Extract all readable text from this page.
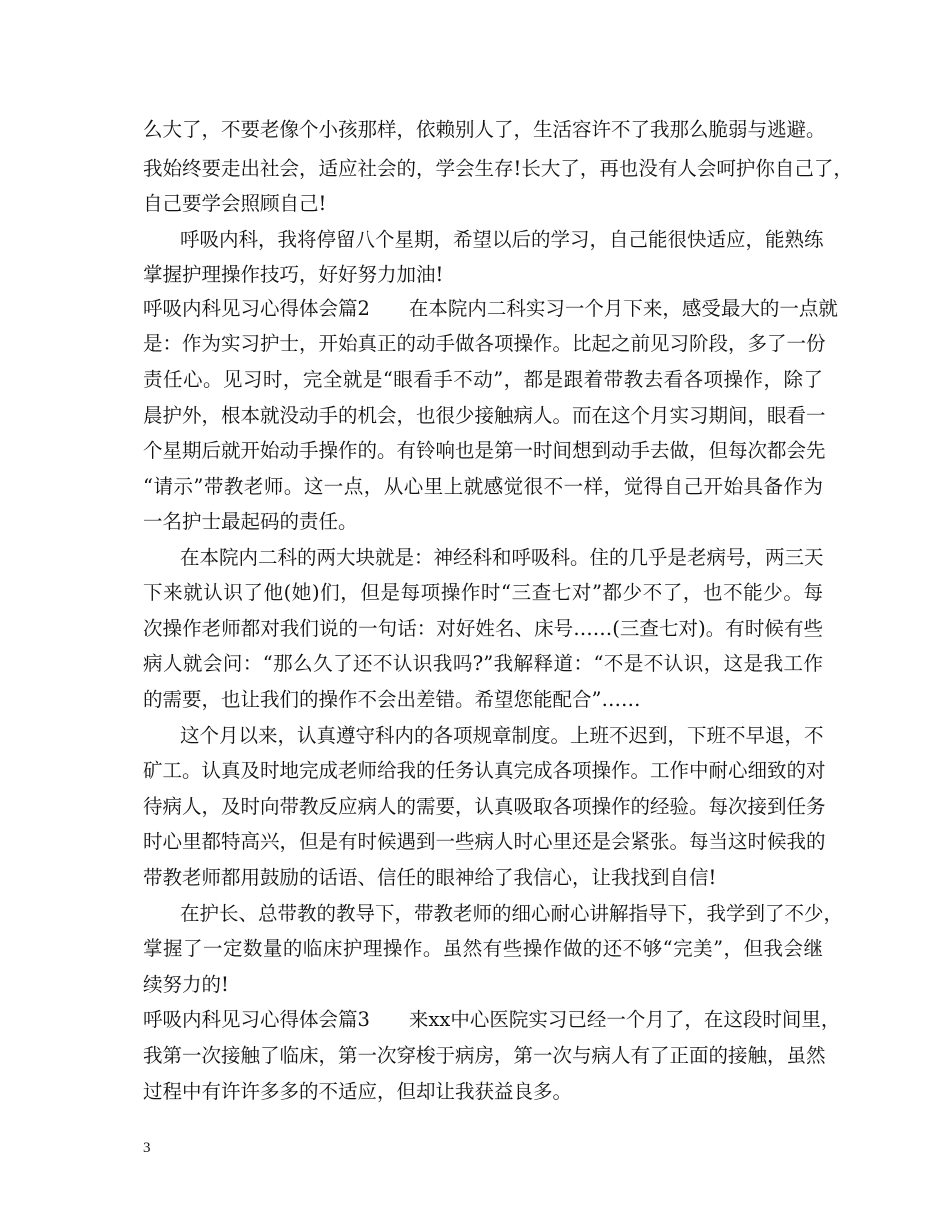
么大了，不要老像个小孩那样，依赖别人了，生活容许不了我那么脆弱与逃避。
我始终要走出社会，适应社会的，学会生存!长大了，再也没有人会呵护你自己了，
自己要学会照顾自己!
呼吸内科，我将停留八个星期，希望以后的学习，自己能很快适应，能熟练
掌握护理操作技巧，好好努力加油!
呼吸内科见习心得体会篇2　　在本院内二科实习一个月下来，感受最大的一点就
是：作为实习护士，开始真正的动手做各项操作。比起之前见习阶段，多了一份
责任心。见习时，完全就是“眼看手不动”，都是跟着带教去看各项操作，除了
晨护外，根本就没动手的机会，也很少接触病人。而在这个月实习期间，眼看一
个星期后就开始动手操作的。有铃响也是第一时间想到动手去做，但每次都会先
“请示”带教老师。这一点，从心里上就感觉很不一样，觉得自己开始具备作为
一名护士最起码的责任。
在本院内二科的两大块就是：神经科和呼吸科。住的几乎是老病号，两三天
下来就认识了他(她)们，但是每项操作时“三查七对”都少不了，也不能少。每
次操作老师都对我们说的一句话：对好姓名、床号……(三查七对)。有时候有些
病人就会问：“那么久了还不认识我吗?”我解释道：“不是不认识，这是我工作
的需要，也让我们的操作不会出差错。希望您能配合”……
这个月以来，认真遵守科内的各项规章制度。上班不迟到，下班不早退，不
矿工。认真及时地完成老师给我的任务认真完成各项操作。工作中耐心细致的对
待病人，及时向带教反应病人的需要，认真吸取各项操作的经验。每次接到任务
时心里都特高兴，但是有时候遇到一些病人时心里还是会紧张。每当这时候我的
带教老师都用鼓励的话语、信任的眼神给了我信心，让我找到自信!
在护长、总带教的教导下，带教老师的细心耐心讲解指导下，我学到了不少，
掌握了一定数量的临床护理操作。虽然有些操作做的还不够“完美”，但我会继
续努力的!
呼吸内科见习心得体会篇3　　来xx中心医院实习已经一个月了，在这段时间里，
我第一次接触了临床，第一次穿梭于病房，第一次与病人有了正面的接触，虽然
过程中有许许多多的不适应，但却让我获益良多。
3
